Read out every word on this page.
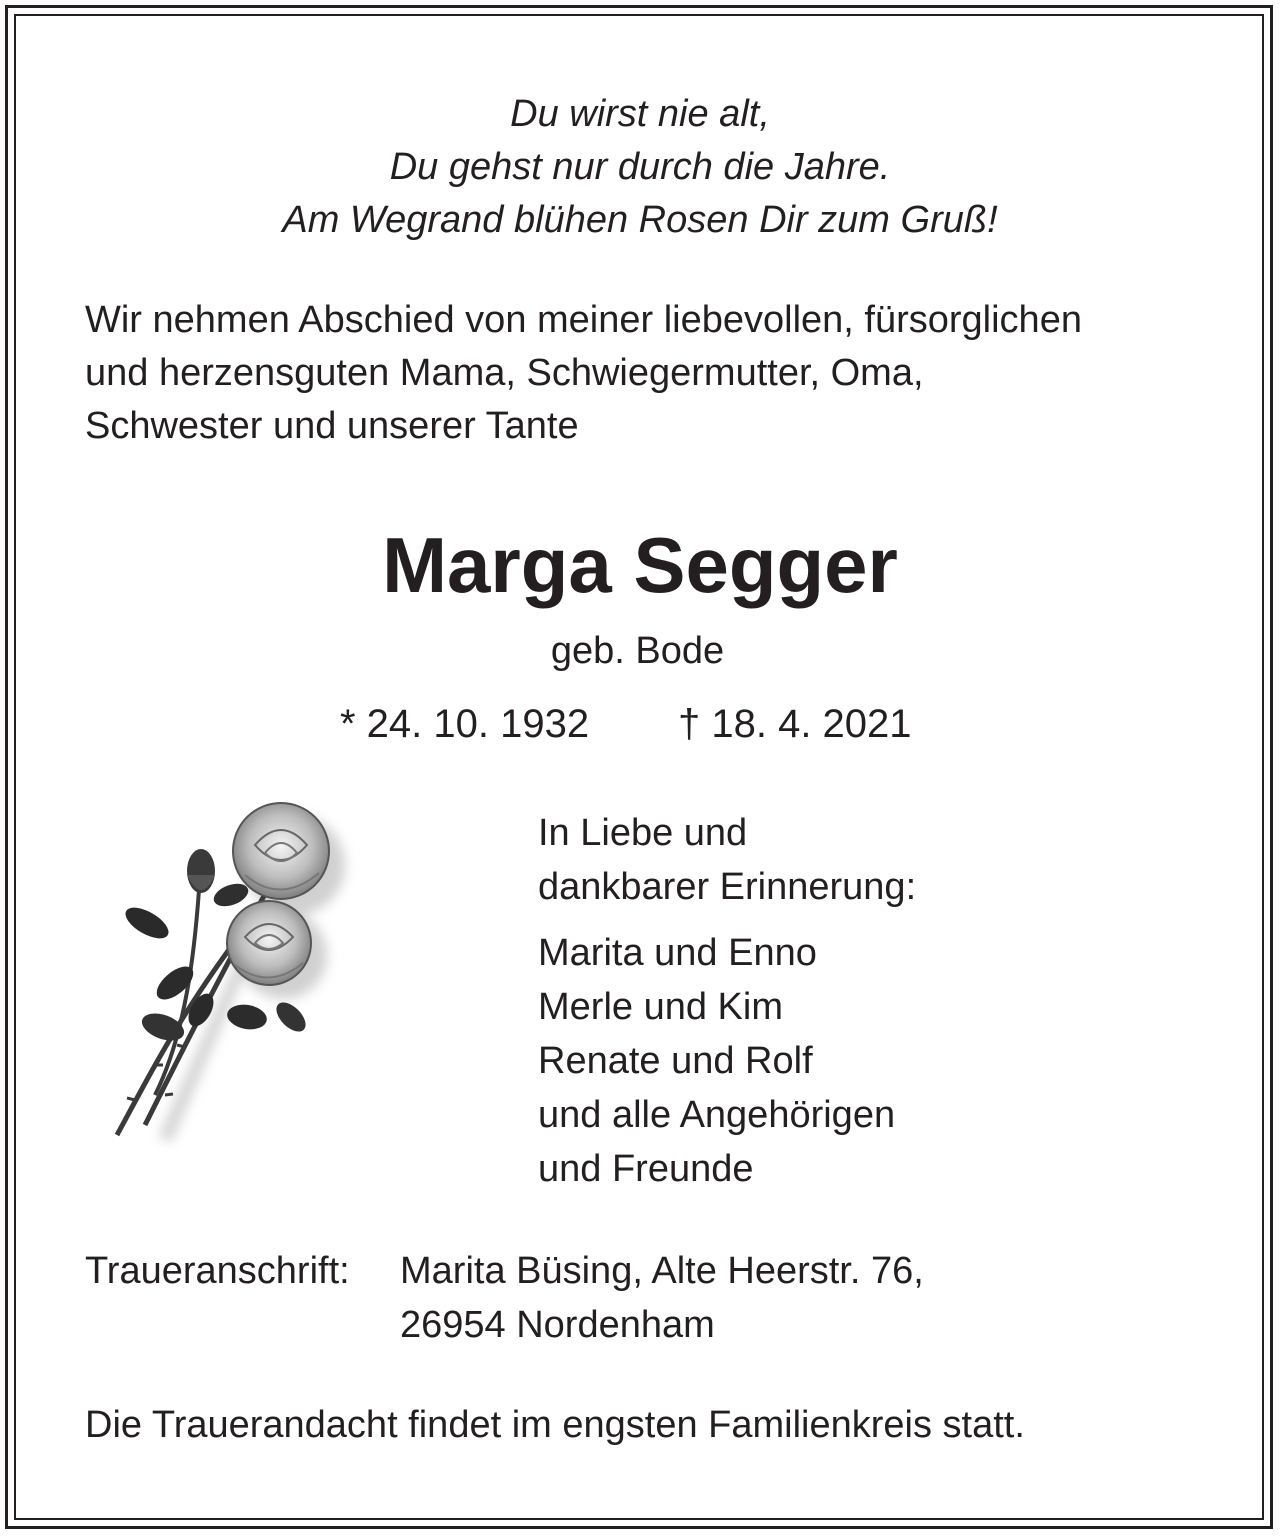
Du wirst nie alt,
Du gehst nur durch die Jahre.
Am Wegrand blühen Rosen Dir zum Gruß!
Wir nehmen Abschied von meiner liebevollen, fürsorglichen
und herzensguten Mama, Schwiegermutter, Oma,
Schwester und unserer Tante
Marga Segger
geb. Bode
* 24. 10. 1932 † 18. 4. 2021
In Liebe und
dankbarer Erinnerung:
Marita und Enno
Merle und Kim
Renate und Rolf
und alle Angehörigen
und Freunde
Traueranschrift: Marita Büsing, Alte Heerstr. 76,
26954 Nordenham
Die Trauerandacht findet im engsten Familienkreis statt.
